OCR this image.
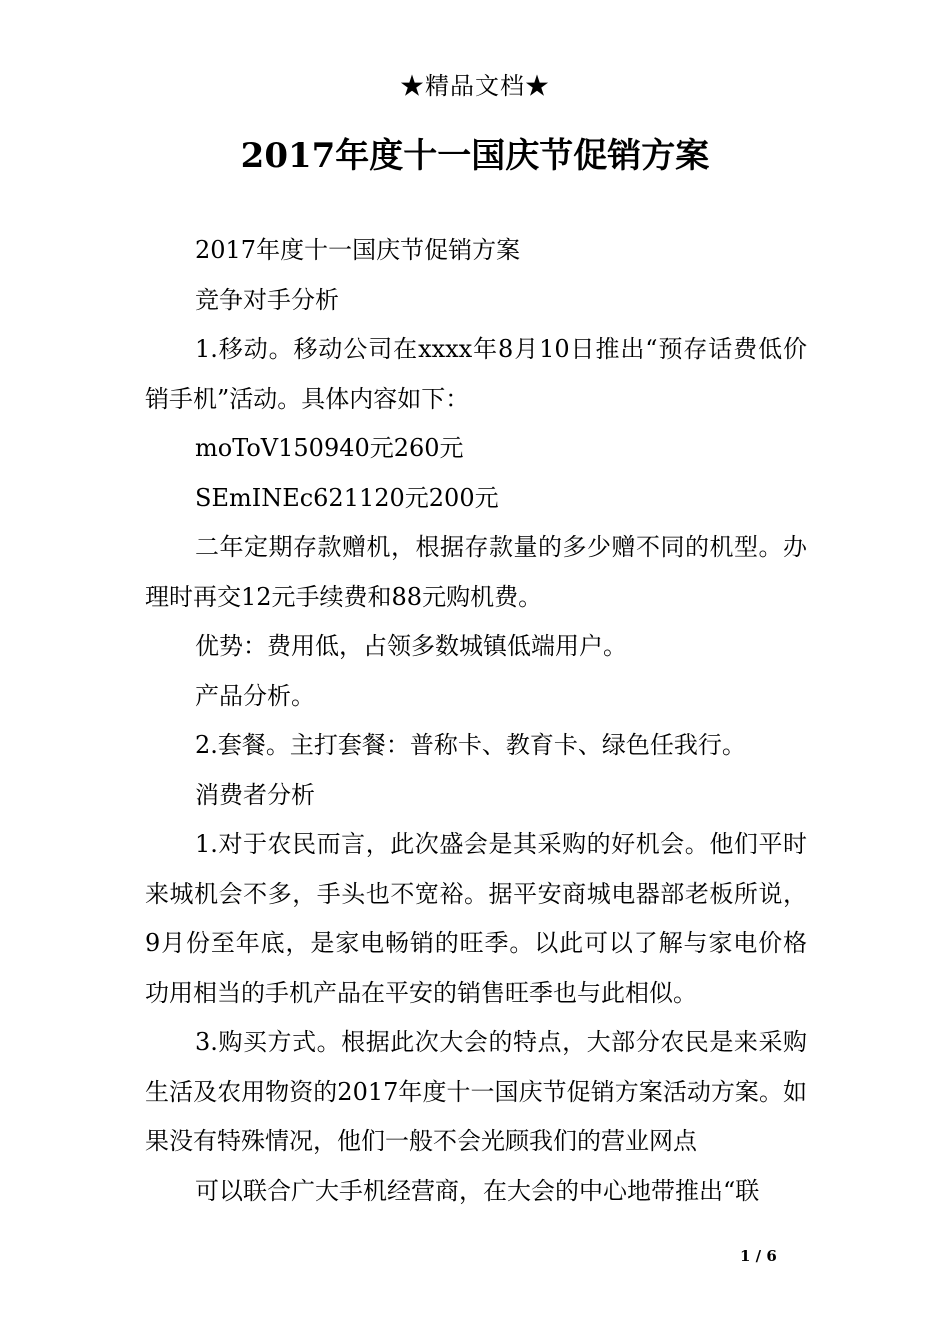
★精品文档★
2017年度十一国庆节促销方案

2017年度十一国庆节促销方案

竞争对手分析

1.移动。移动公司在xxxx年8月10日推出“预存话费低价销手机”活动。具体内容如下：

moToV150940元260元

SEmINEc621120元200元

二年定期存款赠机，根据存款量的多少赠不同的机型。办理时再交12元手续费和88元购机费。

优势：费用低，占领多数城镇低端用户。

产品分析。

2.套餐。主打套餐：普称卡、教育卡、绿色任我行。

消费者分析

1.对于农民而言，此次盛会是其采购的好机会。他们平时来城机会不多，手头也不宽裕。据平安商城电器部老板所说，9月份至年底，是家电畅销的旺季。以此可以了解与家电价格功用相当的手机产品在平安的销售旺季也与此相似。

3.购买方式。根据此次大会的特点，大部分农民是来采购生活及农用物资的2017年度十一国庆节促销方案活动方案。如果没有特殊情况，他们一般不会光顾我们的营业网点

可以联合广大手机经营商，在大会的中心地带推出“联

1 / 6
